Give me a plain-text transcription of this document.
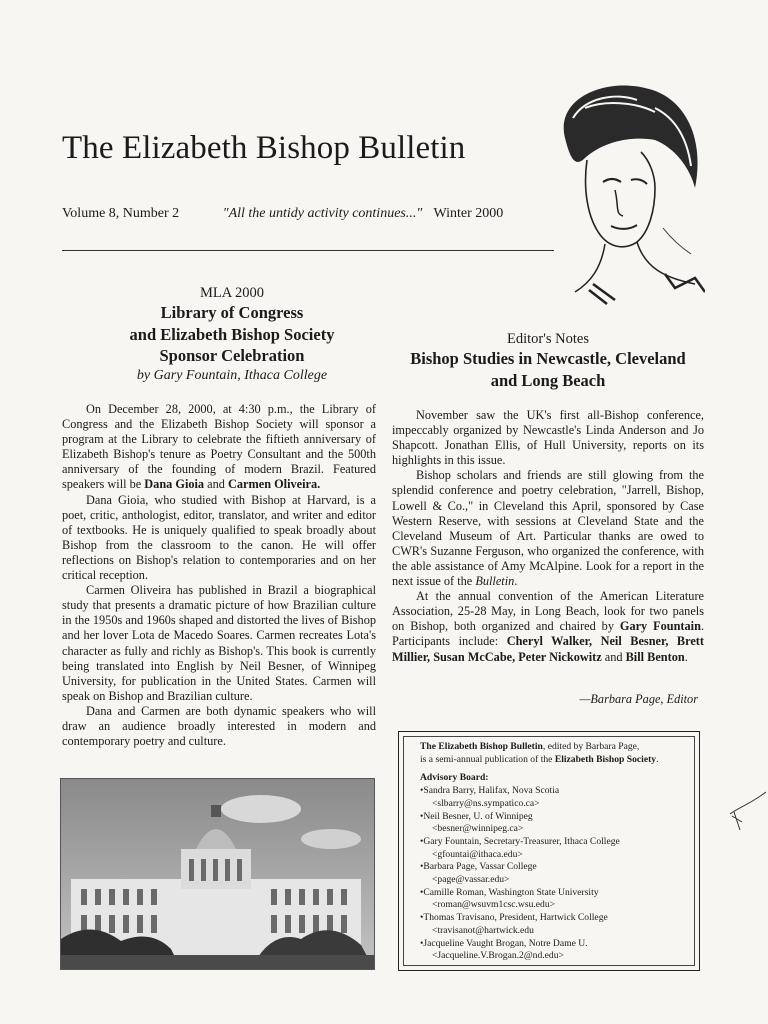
The Elizabeth Bishop Bulletin
Volume 8, Number 2	"All the untidy activity continues..." Winter 2000
MLA 2000
Library of Congress
and Elizabeth Bishop Society
Sponsor Celebration
by Gary Fountain, Ithaca College

On December 28, 2000, at 4:30 p.m., the Library of Congress and the Elizabeth Bishop Society will sponsor a program at the Library to celebrate the fiftieth anniversary of Elizabeth Bishop's tenure as Poetry Consultant and the 500th anniversary of the founding of modern Brazil. Featured speakers will be Dana Gioia and Carmen Oliveira.

Dana Gioia, who studied with Bishop at Harvard, is a poet, critic, anthologist, editor, translator, and writer and editor of textbooks. He is uniquely qualified to speak broadly about Bishop from the classroom to the canon. He will offer reflections on Bishop's relation to contemporaries and on her critical reception.

Carmen Oliveira has published in Brazil a biographical study that presents a dramatic picture of how Brazilian culture in the 1950s and 1960s shaped and distorted the lives of Bishop and her lover Lota de Macedo Soares. Carmen recreates Lota's character as fully and richly as Bishop's. This book is currently being translated into English by Neil Besner, of Winnipeg University, for publication in the United States. Carmen will speak on Bishop and Brazilian culture.

Dana and Carmen are both dynamic speakers who will draw an audience broadly interested in modern and contemporary poetry and culture.

Editor's Notes
Bishop Studies in Newcastle, Cleveland
and Long Beach

November saw the UK's first all-Bishop conference, impeccably organized by Newcastle's Linda Anderson and Jo Shapcott. Jonathan Ellis, of Hull University, reports on its highlights in this issue.

Bishop scholars and friends are still glowing from the splendid conference and poetry celebration, "Jarrell, Bishop, Lowell & Co.," in Cleveland this April, sponsored by Case Western Reserve, with sessions at Cleveland State and the Cleveland Museum of Art. Particular thanks are owed to CWR's Suzanne Ferguson, who organized the conference, with the able assistance of Amy McAlpine. Look for a report in the next issue of the Bulletin.

At the annual convention of the American Literature Association, 25-28 May, in Long Beach, look for two panels on Bishop, both organized and chaired by Gary Fountain. Participants include: Cheryl Walker, Neil Besner, Brett Millier, Susan McCabe, Peter Nickowitz and Bill Benton.

—Barbara Page, Editor
The Elizabeth Bishop Bulletin, edited by Barbara Page,
is a semi-annual publication of the Elizabeth Bishop Society.
Advisory Board:
•Sandra Barry, Halifax, Nova Scotia
<slbarry@ns.sympatico.ca>
•Neil Besner, U. of Winnipeg
<besner@winnipeg.ca>
•Gary Fountain, Secretary-Treasurer, Ithaca College
<gfountai@ithaca.edu>
•Barbara Page, Vassar College
<page@vassar.edu>
•Camille Roman, Washington State University
<roman@wsuvm1csc.wsu.edu>
•Thomas Travisano, President, Hartwick College
<travisanot@hartwick.edu
•Jacqueline Vaught Brogan, Notre Dame U.
<Jacqueline.V.Brogan.2@nd.edu>
